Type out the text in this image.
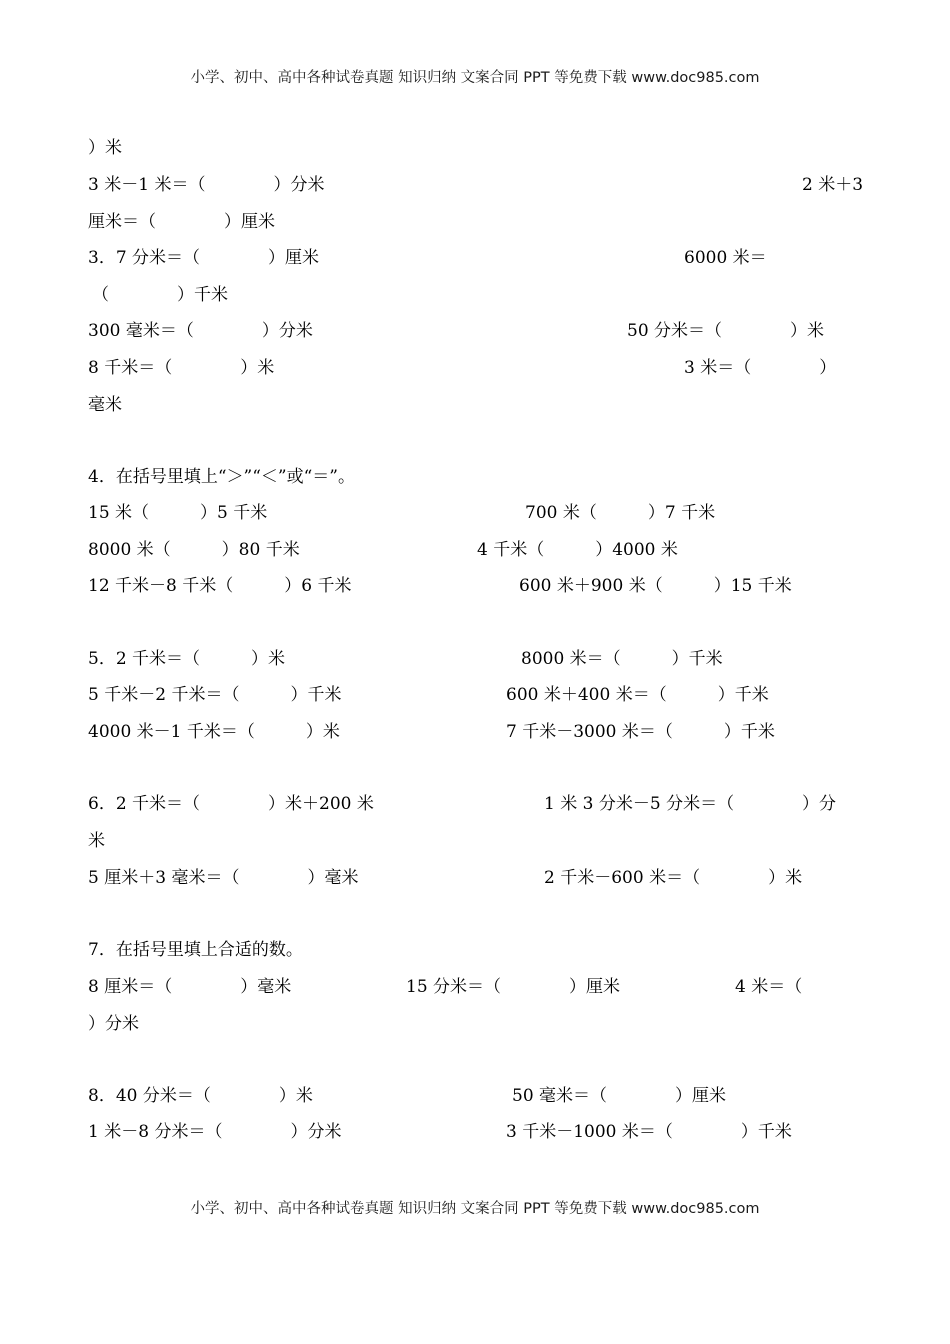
小学、初中、高中各种试卷真题 知识归纳 文案合同 PPT 等免费下载 www.doc985.com
）米
3 米－1 米＝（　　　　）分米	2 米＋3
厘米＝（　　　　）厘米
3．7 分米＝（　　　　）厘米	6000 米＝
（　　　　）千米
300 毫米＝（　　　　）分米	50 分米＝（　　　　）米
8 千米＝（　　　　）米	3 米＝（　　　　）
毫米
4．在括号里填上“＞”“＜”或“＝”。
15 米（　　　）5 千米	700 米（　　　）7 千米
8000 米（　　　）80 千米	4 千米（　　　）4000 米
12 千米－8 千米（　　　）6 千米	600 米＋900 米（　　　）15 千米
5．2 千米＝（　　　）米	8000 米＝（　　　）千米
5 千米－2 千米＝（　　　）千米	600 米＋400 米＝（　　　）千米
4000 米－1 千米＝（　　　）米	7 千米－3000 米＝（　　　）千米
6．2 千米＝（　　　　）米＋200 米	1 米 3 分米－5 分米＝（　　　　）分
米
5 厘米＋3 毫米＝（　　　　）毫米	2 千米－600 米＝（　　　　）米
7．在括号里填上合适的数。
8 厘米＝（　　　　）毫米	15 分米＝（　　　　）厘米	4 米＝（
）分米
8．40 分米＝（　　　　）米	50 毫米＝（　　　　）厘米
1 米－8 分米＝（　　　　）分米	3 千米－1000 米＝（　　　　）千米
小学、初中、高中各种试卷真题 知识归纳 文案合同 PPT 等免费下载 www.doc985.com
